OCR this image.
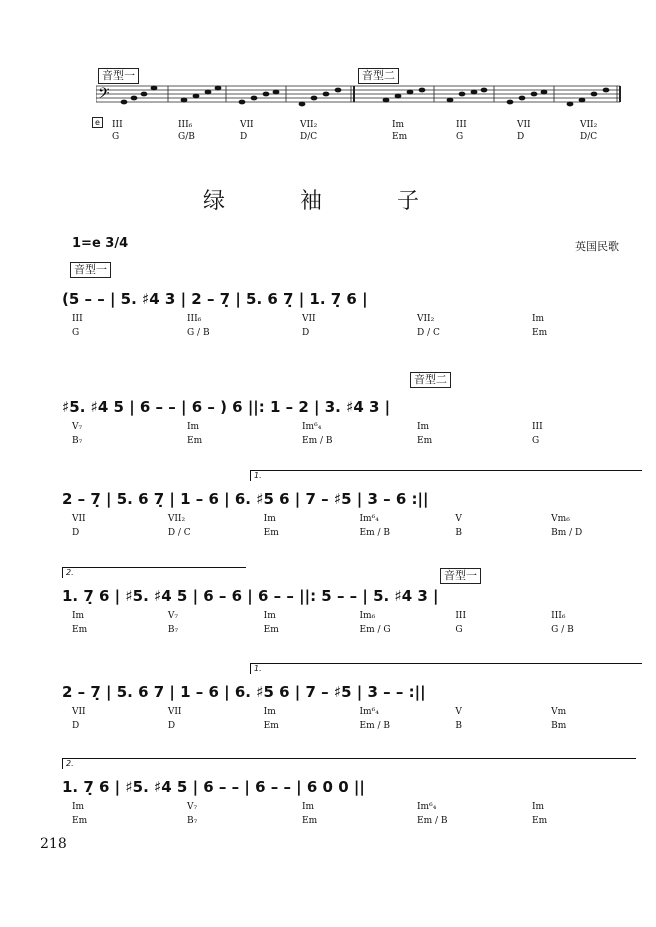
音型一	音型二
𝄢
e	III	III₆	VII	VII₂	Im	III	VII	VII₂
G	G/B	D	D/C	Em	G	D	D/C
绿 袖 子
1=e 3/4	英国民歌
音型一
(5 – – | 5. ♯4 3 | 2 – 7̣ | 5. 6 7̣ | 1. 7̣ 6 |
III	III₆	VII	VII₂	Im
G	G / B	D	D / C	Em
音型二
♯5. ♯4 5 | 6 – – | 6 – ) 6 ||: 1 – 2 | 3. ♯4 3 |
V₇	Im	Im⁶₄	Im	III
B₇	Em	Em / B	Em	G
1.
2 – 7̣ | 5. 6 7̣ | 1 – 6 | 6. ♯5 6 | 7 – ♯5 | 3 – 6 :||
VII	VII₂	Im	Im⁶₄	V	Vm₆
D	D / C	Em	Em / B	B	Bm / D
音型一
2.
1. 7̣ 6 | ♯5. ♯4 5 | 6 – 6 | 6 – – ||: 5 – – | 5. ♯4 3 |
Im	V₇	Im	Im₆	III	III₆
Em	B₇	Em	Em / G	G	G / B
1.
2 – 7̣ | 5. 6 7 | 1 – 6 | 6. ♯5 6 | 7 – ♯5 | 3 – – :||
VII	VII	Im	Im⁶₄	V	Vm
D	D	Em	Em / B	B	Bm
2.
1. 7̣ 6 | ♯5. ♯4 5 | 6 – – | 6 – – | 6 0 0 ||
Im	V₇	Im	Im⁶₄	Im
Em	B₇	Em	Em / B	Em
218
